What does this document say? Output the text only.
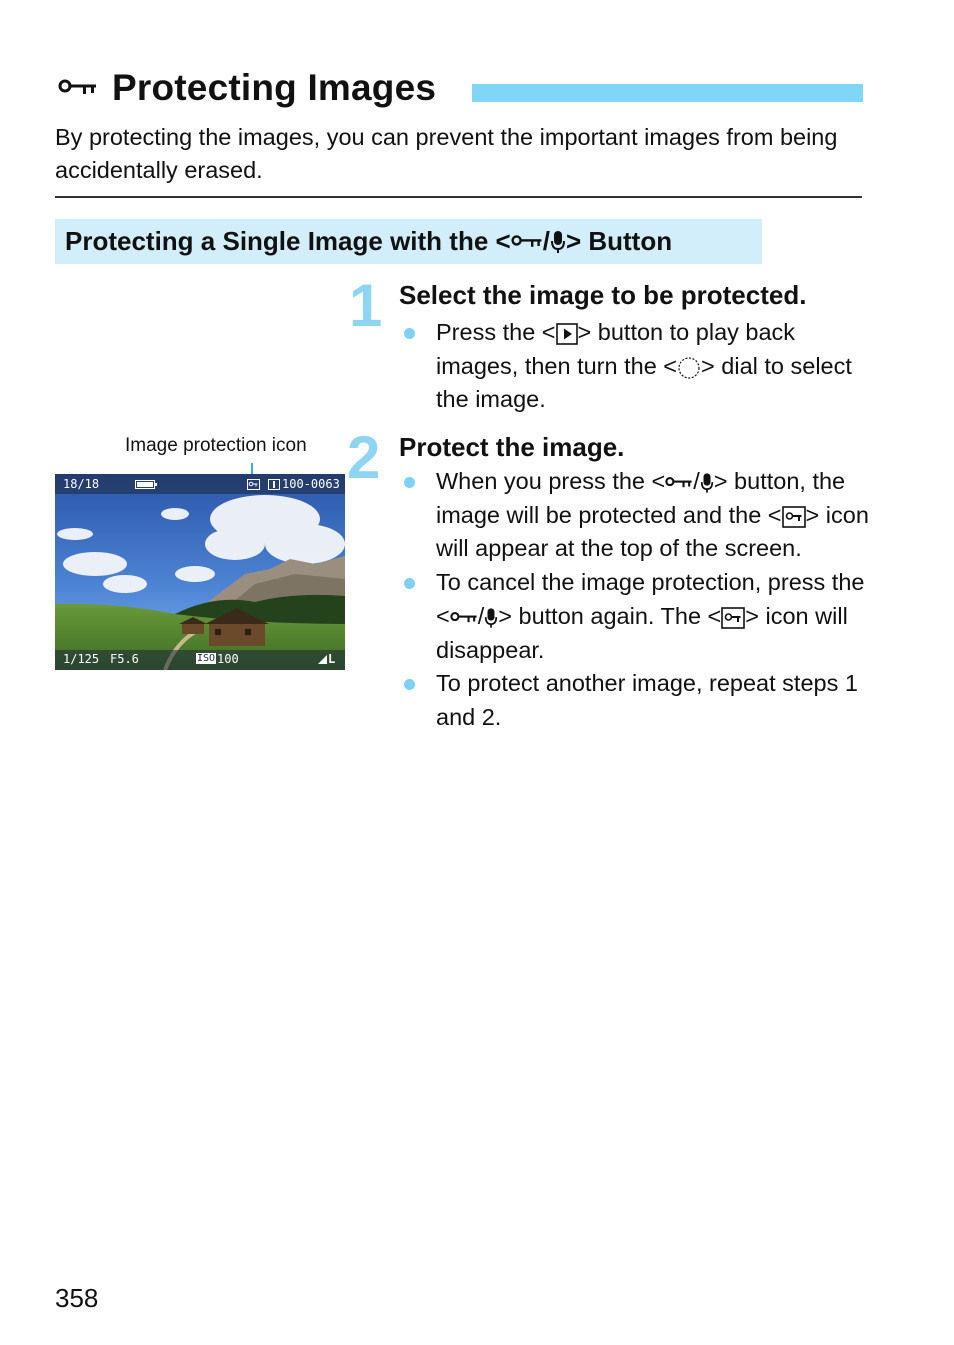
Protecting Images
By protecting the images, you can prevent the important images from being accidentally erased.
Protecting a Single Image with the < / > Button
Image protection icon
18/18	100-0063
1/125 F5.6	ISO 100	L
1 Select the image to be protected.
Press the < > button to play back images, then turn the < > dial to select the image.
2 Protect the image.
When you press the < / > button, the image will be protected and the < > icon will appear at the top of the screen.
To cancel the image protection, press the < / > button again. The < > icon will disappear.
To protect another image, repeat steps 1 and 2.
358
